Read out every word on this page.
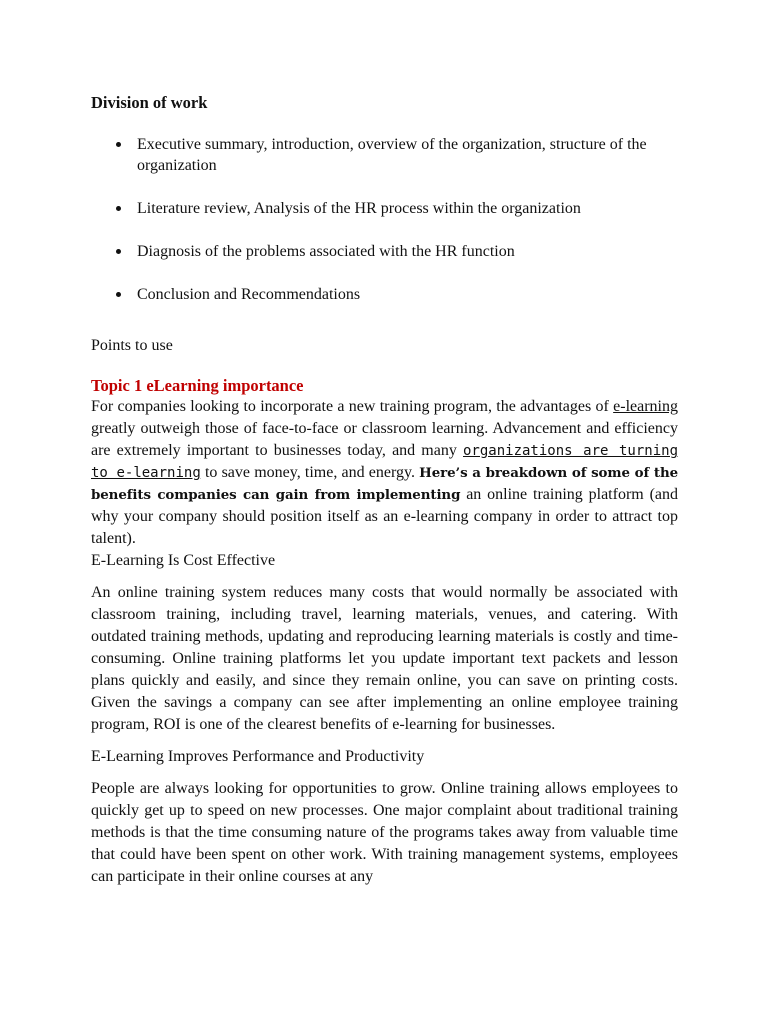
Division of work
Executive summary, introduction, overview of the organization, structure of the organization
Literature review, Analysis of the HR process within the organization
Diagnosis of the problems associated with the HR function
Conclusion and Recommendations
Points to use
Topic 1 eLearning importance

For companies looking to incorporate a new training program, the advantages of e-learning greatly outweigh those of face-to-face or classroom learning. Advancement and efficiency are extremely important to businesses today, and many organizations are turning to e-learning to save money, time, and energy. Here’s a breakdown of some of the benefits companies can gain from implementing an online training platform (and why your company should position itself as an e-learning company in order to attract top talent).

E-Learning Is Cost Effective

An online training system reduces many costs that would normally be associated with classroom training, including travel, learning materials, venues, and catering. With outdated training methods, updating and reproducing learning materials is costly and time-consuming. Online training platforms let you update important text packets and lesson plans quickly and easily, and since they remain online, you can save on printing costs. Given the savings a company can see after implementing an online employee training program, ROI is one of the clearest benefits of e-learning for businesses.

E-Learning Improves Performance and Productivity

People are always looking for opportunities to grow. Online training allows employees to quickly get up to speed on new processes. One major complaint about traditional training methods is that the time consuming nature of the programs takes away from valuable time that could have been spent on other work. With training management systems, employees can participate in their online courses at any
